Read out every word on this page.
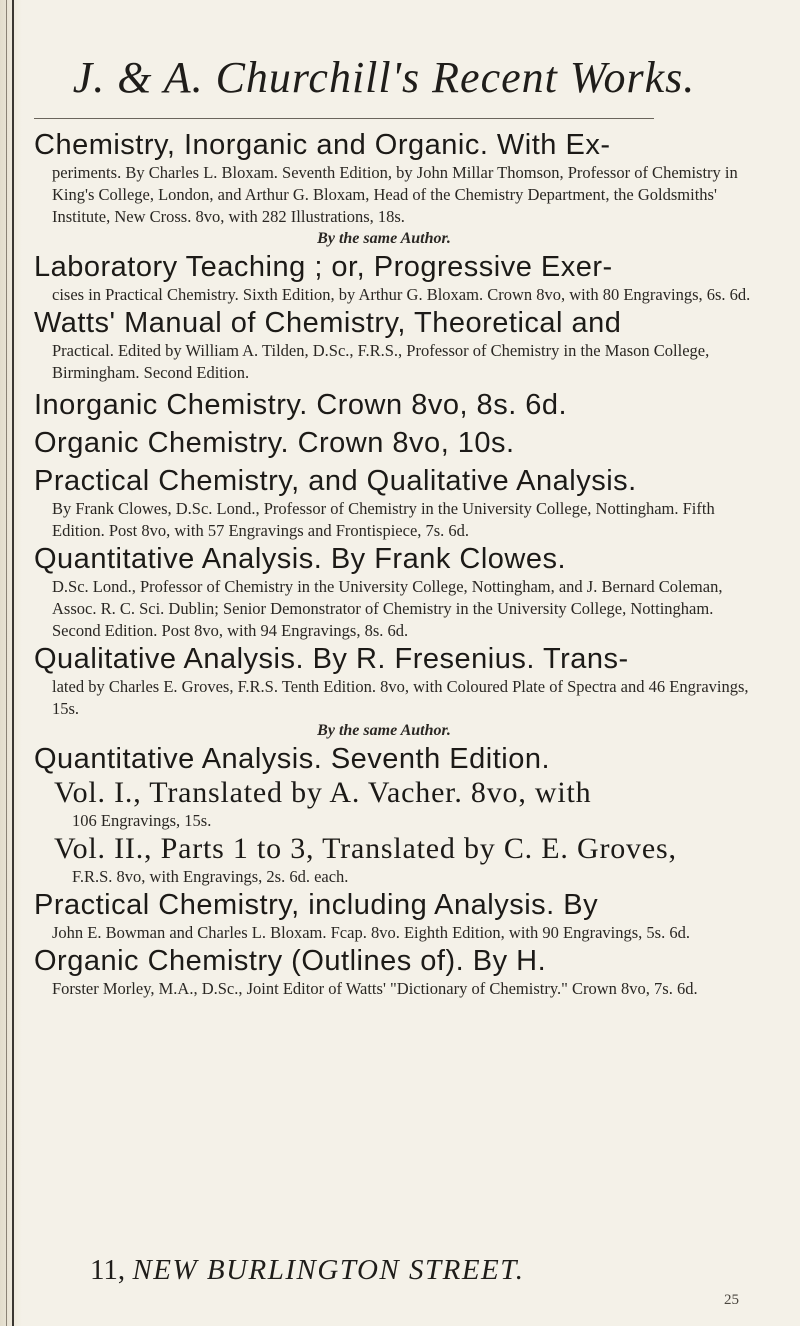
J. & A. Churchill's Recent Works.
Chemistry, Inorganic and Organic. With Ex-
periments. By Charles L. Bloxam. Seventh Edition, by John Millar Thomson, Professor of Chemistry in King's College, London, and Arthur G. Bloxam, Head of the Chemistry Department, the Goldsmiths' Institute, New Cross. 8vo, with 282 Illustrations, 18s.
By the same Author.
Laboratory Teaching ; or, Progressive Exer-
cises in Practical Chemistry. Sixth Edition, by Arthur G. Bloxam. Crown 8vo, with 80 Engravings, 6s. 6d.
Watts' Manual of Chemistry, Theoretical and
Practical. Edited by William A. Tilden, D.Sc., F.R.S., Professor of Chemistry in the Mason College, Birmingham. Second Edition.
Inorganic Chemistry. Crown 8vo, 8s. 6d.
Organic Chemistry. Crown 8vo, 10s.
Practical Chemistry, and Qualitative Analysis.
By Frank Clowes, D.Sc. Lond., Professor of Chemistry in the University College, Nottingham. Fifth Edition. Post 8vo, with 57 Engravings and Frontispiece, 7s. 6d.
Quantitative Analysis. By Frank Clowes.
D.Sc. Lond., Professor of Chemistry in the University College, Nottingham, and J. Bernard Coleman, Assoc. R. C. Sci. Dublin; Senior Demonstrator of Chemistry in the University College, Nottingham. Second Edition. Post 8vo, with 94 Engravings, 8s. 6d.
Qualitative Analysis. By R. Fresenius. Trans-
lated by Charles E. Groves, F.R.S. Tenth Edition. 8vo, with Coloured Plate of Spectra and 46 Engravings, 15s.
By the same Author.
Quantitative Analysis. Seventh Edition.
Vol. I., Translated by A. Vacher. 8vo, with
106 Engravings, 15s.
Vol. II., Parts 1 to 3, Translated by C. E. Groves,
F.R.S. 8vo, with Engravings, 2s. 6d. each.
Practical Chemistry, including Analysis. By
John E. Bowman and Charles L. Bloxam. Fcap. 8vo. Eighth Edition, with 90 Engravings, 5s. 6d.
Organic Chemistry (Outlines of). By H.
Forster Morley, M.A., D.Sc., Joint Editor of Watts' "Dictionary of Chemistry." Crown 8vo, 7s. 6d.
11, NEW BURLINGTON STREET.
25
